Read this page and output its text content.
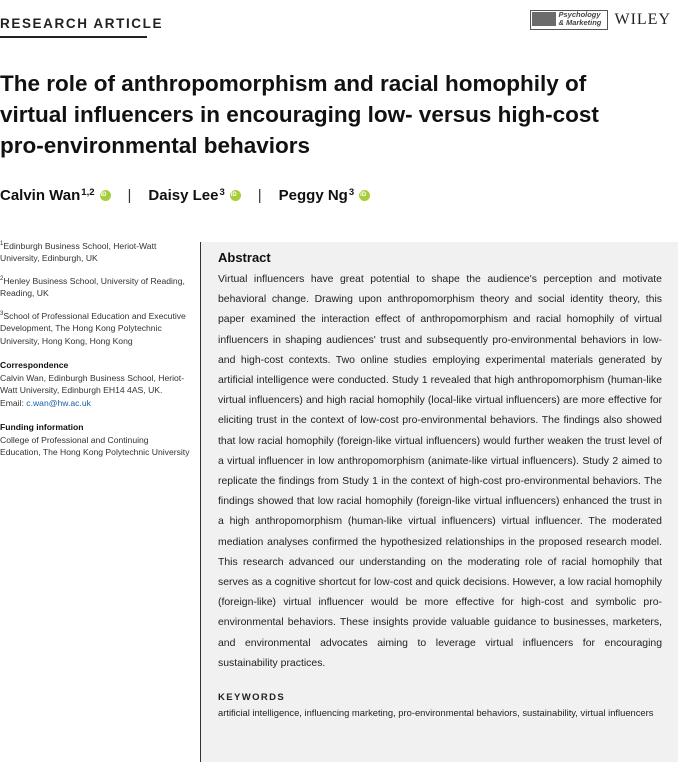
RESEARCH ARTICLE
Psychology & Marketing WILEY
The role of anthropomorphism and racial homophily of virtual influencers in encouraging low- versus high-cost pro-environmental behaviors
Calvin Wan$^{1,2}$ iD | Daisy Lee$^3$ iD | Peggy Ng$^3$
iD
$^1$Edinburgh Business School, Heriot-Watt University, Edinburgh, UK
$^2$Henley Business School, University of Reading, Reading, UK
$^3$School of Professional Education and Executive Development, The Hong Kong Polytechnic University, Hong Kong, Hong Kong
Correspondence
Calvin Wan, Edinburgh Business School, Heriot-Watt University, Edinburgh EH14 4AS, UK.
Email: c.wan@hw.ac.uk
Funding information
College of Professional and Continuing Education, The Hong Kong Polytechnic University
Abstract

Virtual influencers have great potential to shape the audience's perception and motivate behavioral change. Drawing upon anthropomorphism theory and social identity theory, this paper examined the interaction effect of anthropomorphism and racial homophily of virtual influencers in shaping audiences' trust and subsequently pro-environmental behaviors in low- and high-cost contexts. Two online studies employing experimental materials generated by artificial intelligence were conducted. Study 1 revealed that high anthropomorphism (human-like virtual influencers) and high racial homophily (local-like virtual influencers) are more effective for eliciting trust in the context of low-cost pro-environmental behaviors. The findings also showed that low racial homophily (foreign-like virtual influencers) would further weaken the trust level of a virtual influencer in low anthropomorphism (animate-like virtual influencers). Study 2 aimed to replicate the findings from Study 1 in the context of high-cost pro-environmental behaviors. The findings showed that low racial homophily (foreign-like virtual influencers) enhanced the trust in a high anthropomorphism (human-like virtual influencers) virtual influencer. The moderated mediation analyses confirmed the hypothesized relationships in the proposed research model. This research advanced our understanding on the moderating role of racial homophily that serves as a cognitive shortcut for low-cost and quick decisions. However, a low racial homophily (foreign-like) virtual influencer would be more effective for high-cost and symbolic pro-environmental behaviors. These insights provide valuable guidance to businesses, marketers, and environmental advocates aiming to leverage virtual influencers for encouraging sustainability practices.

KEYWORDS
artificial intelligence, influencing marketing, pro-environmental behaviors, sustainability, virtual influencers
